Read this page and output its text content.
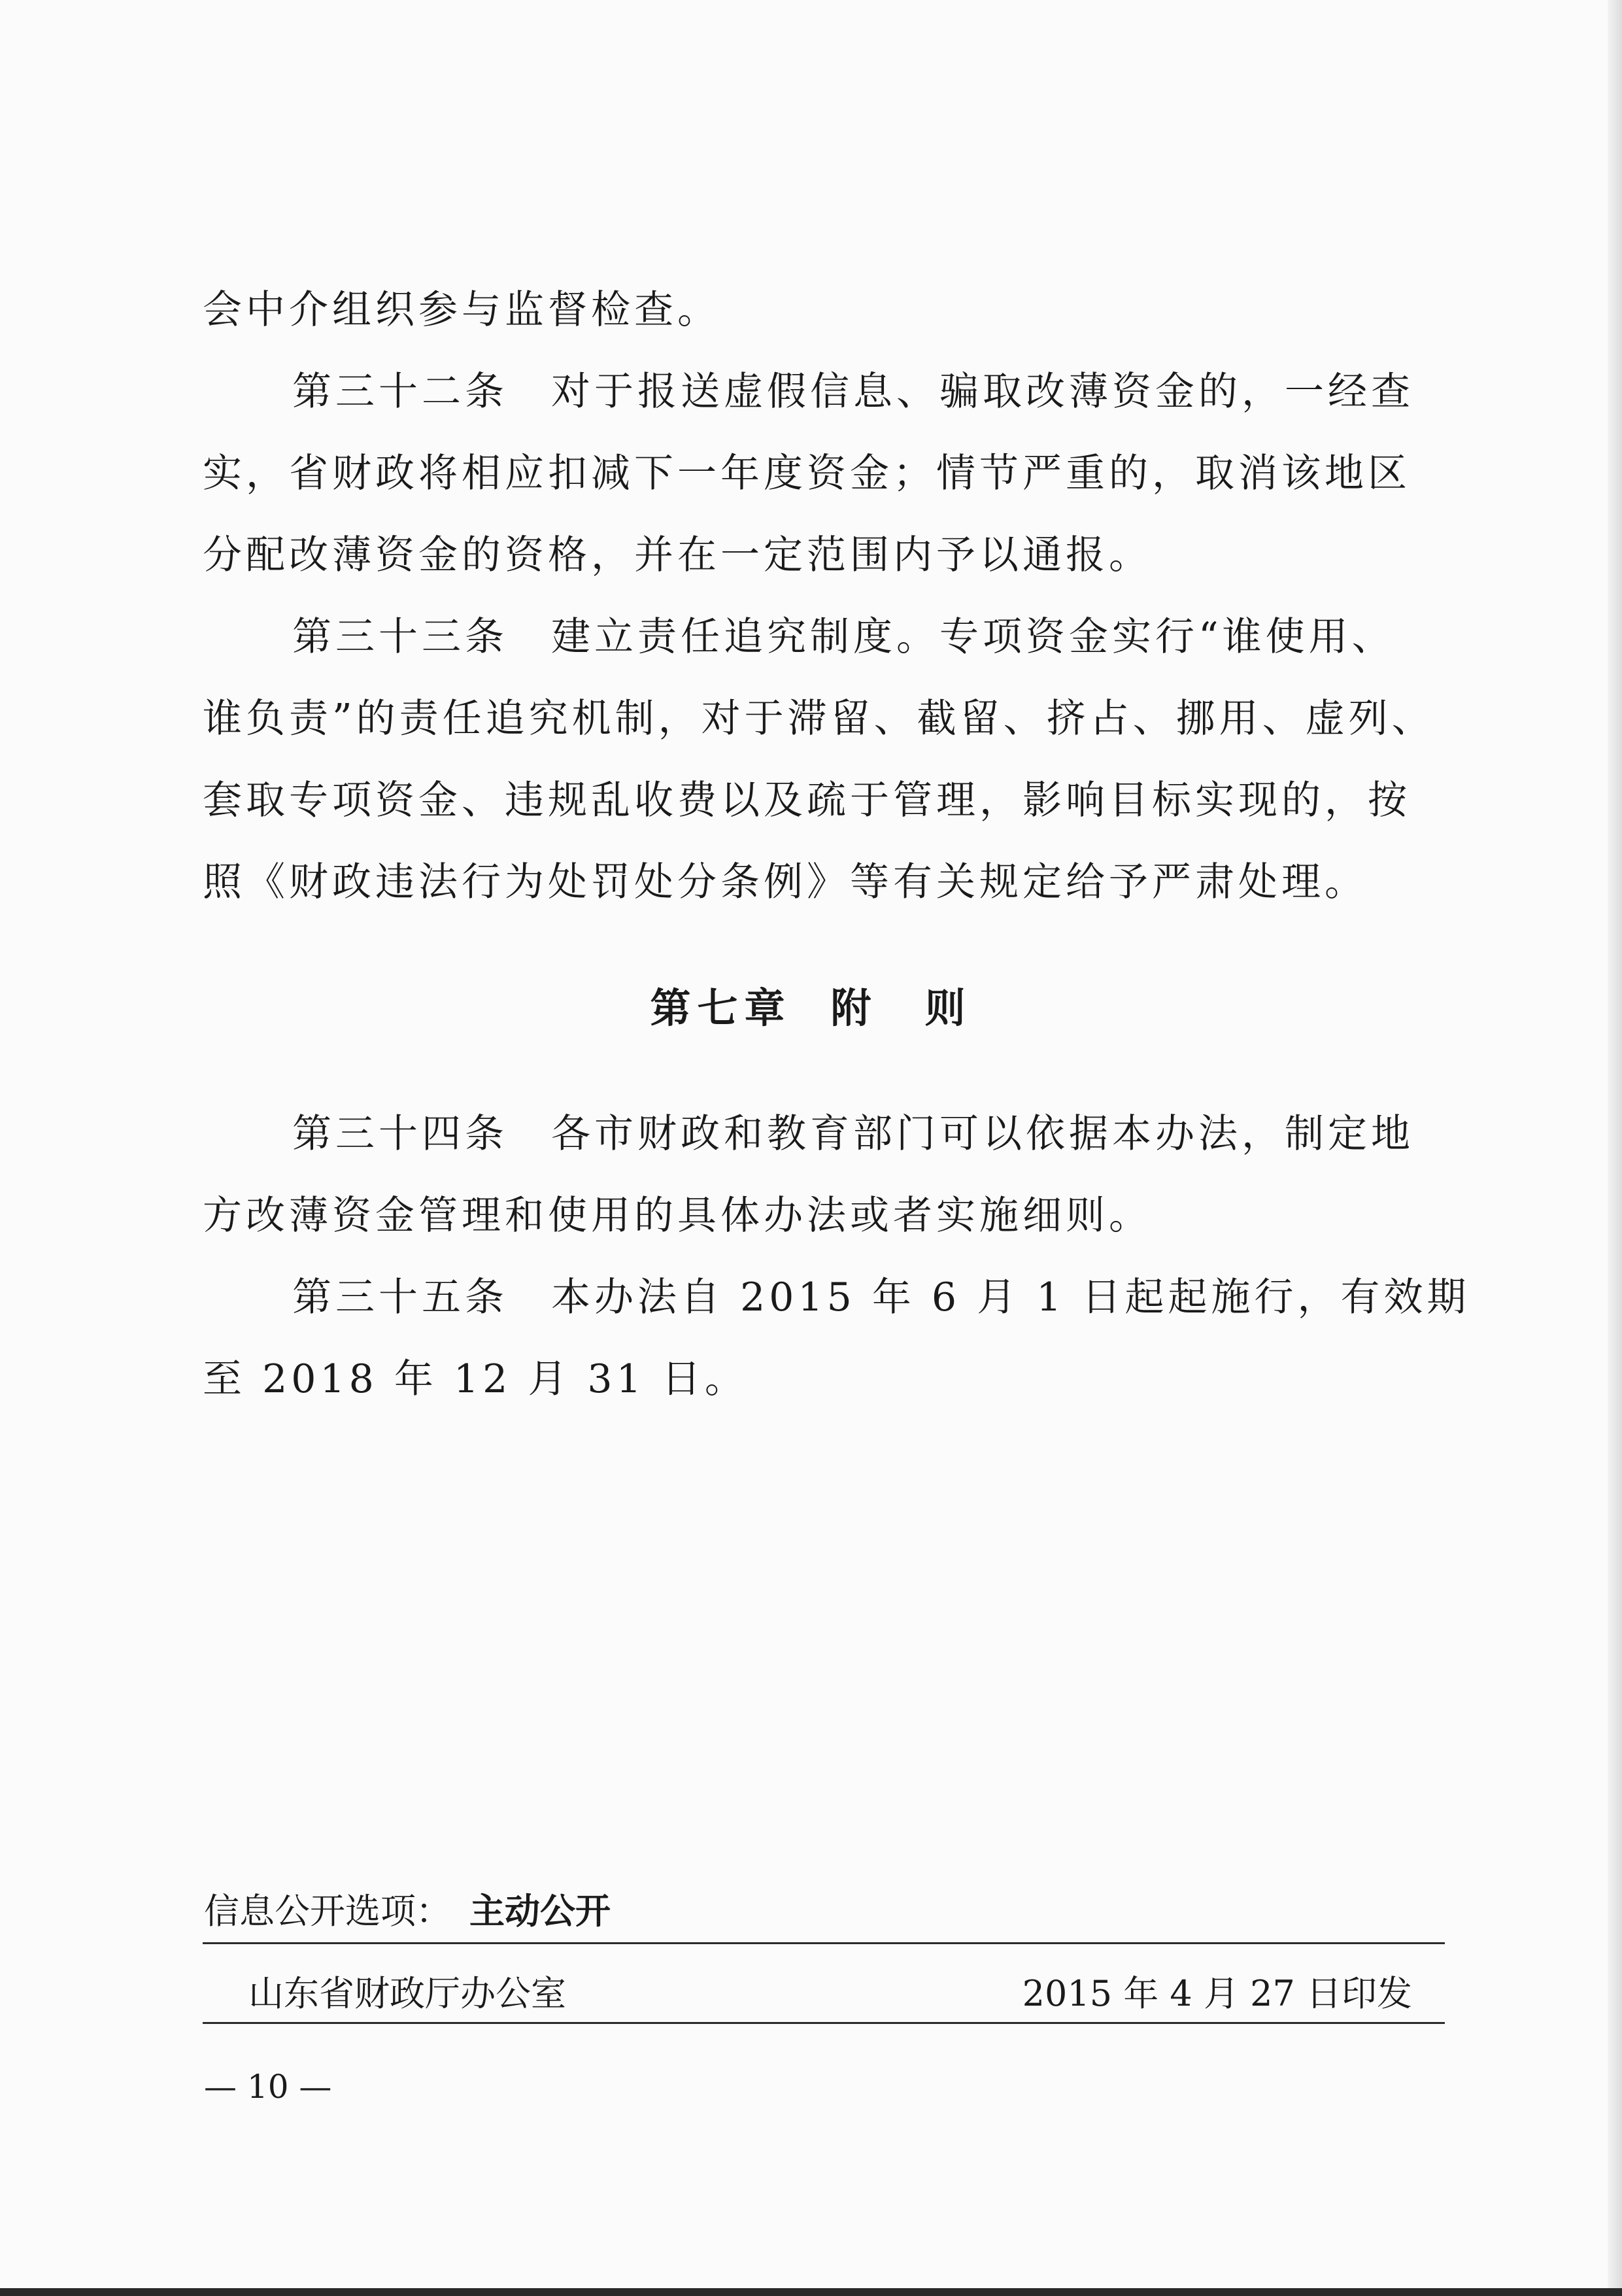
会中介组织参与监督检查。

第三十二条　对于报送虚假信息、骗取改薄资金的，一经查

实，省财政将相应扣减下一年度资金；情节严重的，取消该地区

分配改薄资金的资格，并在一定范围内予以通报。

第三十三条　建立责任追究制度。专项资金实行“谁使用、

谁负责”的责任追究机制，对于滞留、截留、挤占、挪用、虚列、

套取专项资金、违规乱收费以及疏于管理，影响目标实现的，按

照《财政违法行为处罚处分条例》等有关规定给予严肃处理。

第七章 附　则

第三十四条　各市财政和教育部门可以依据本办法，制定地

方改薄资金管理和使用的具体办法或者实施细则。

第三十五条　本办法自 2015 年 6 月 1 日起起施行，有效期

至 2018 年 12 月 31 日。

信息公开选项： 主动公开
山东省财政厅办公室	2015 年 4 月 27 日印发
— 10 —
